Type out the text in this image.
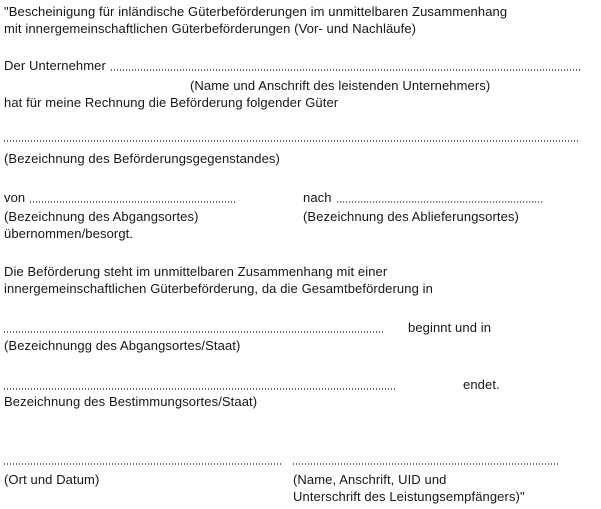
"Bescheinigung für inländische Güterbeförderungen im unmittelbaren Zusammenhang
mit innergemeinschaftlichen Güterbeförderungen (Vor- und Nachläufe)
Der Unternehmer
(Name und Anschrift des leistenden Unternehmers)
hat für meine Rechnung die Beförderung folgender Güter
(Bezeichnung des Beförderungsgegenstandes)
von	nach
(Bezeichnung des Abgangsortes)	(Bezeichnung des Ablieferungsortes)
übernommen/besorgt.
Die Beförderung steht im unmittelbaren Zusammenhang mit einer
innergemeinschaftlichen Güterbeförderung, da die Gesamtbeförderung in
beginnt und in
(Bezeichnungg des Abgangsortes/Staat)
endet.
Bezeichnung des Bestimmungsortes/Staat)
(Ort und Datum)	(Name, Anschrift, UID und
Unterschrift des Leistungsempfängers)"
